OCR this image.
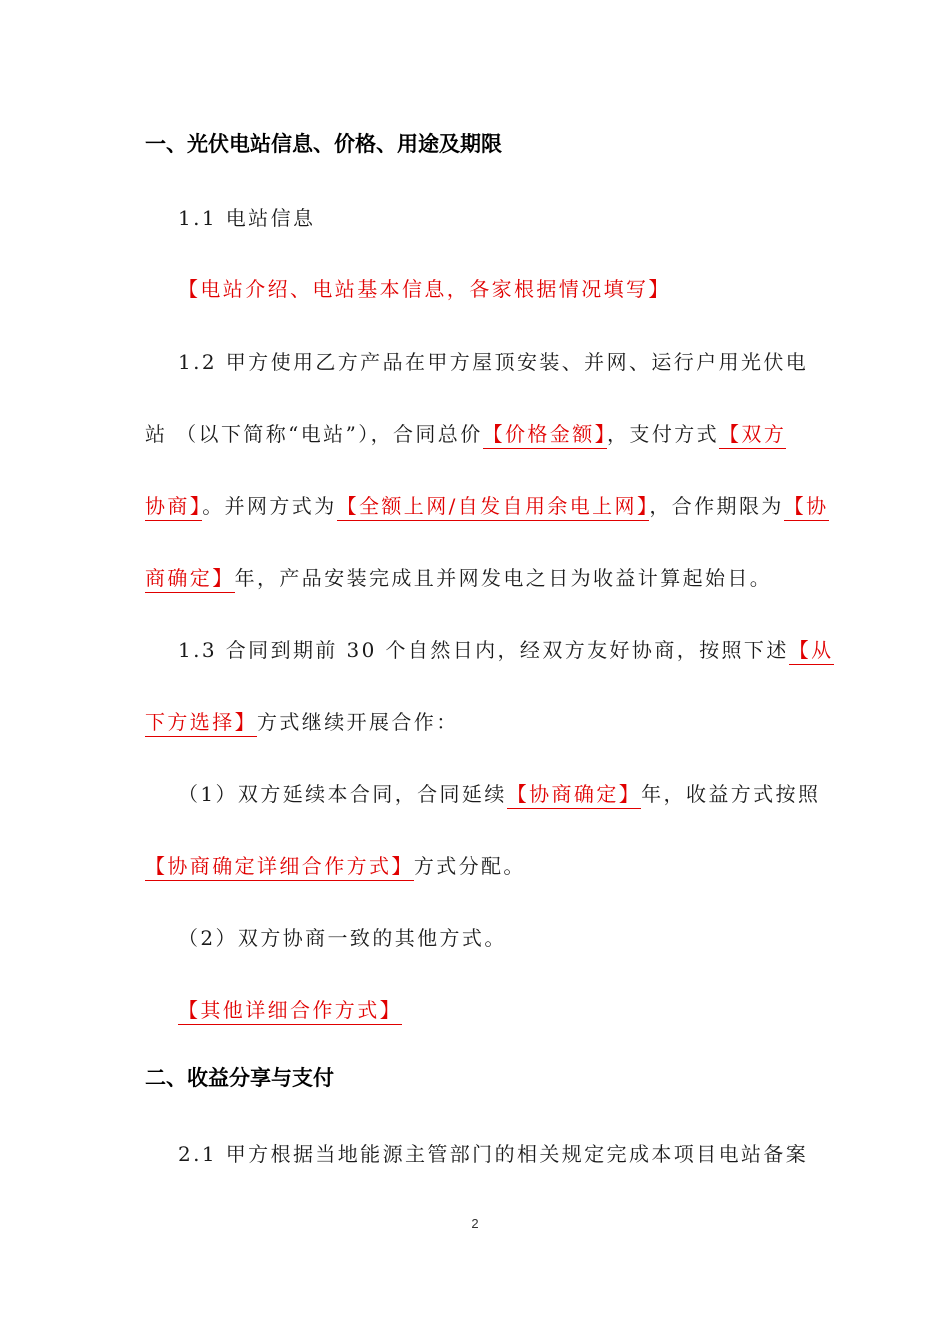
一、光伏电站信息、价格、用途及期限
1.1 电站信息
【电站介绍、电站基本信息，各家根据情况填写】
1.2 甲方使用乙方产品在甲方屋顶安装、并网、运行户用光伏电
站 （以下简称“电站”），合同总价【价格金额】，支付方式【双方
协商】。并网方式为【全额上网/自发自用余电上网】，合作期限为【协
商确定】年，产品安装完成且并网发电之日为收益计算起始日。
1.3 合同到期前 30 个自然日内，经双方友好协商，按照下述【从
下方选择】方式继续开展合作：
（1）双方延续本合同，合同延续【协商确定】年，收益方式按照
【协商确定详细合作方式】方式分配。
（2）双方协商一致的其他方式。
【其他详细合作方式】
二、收益分享与支付
2.1 甲方根据当地能源主管部门的相关规定完成本项目电站备案
2
